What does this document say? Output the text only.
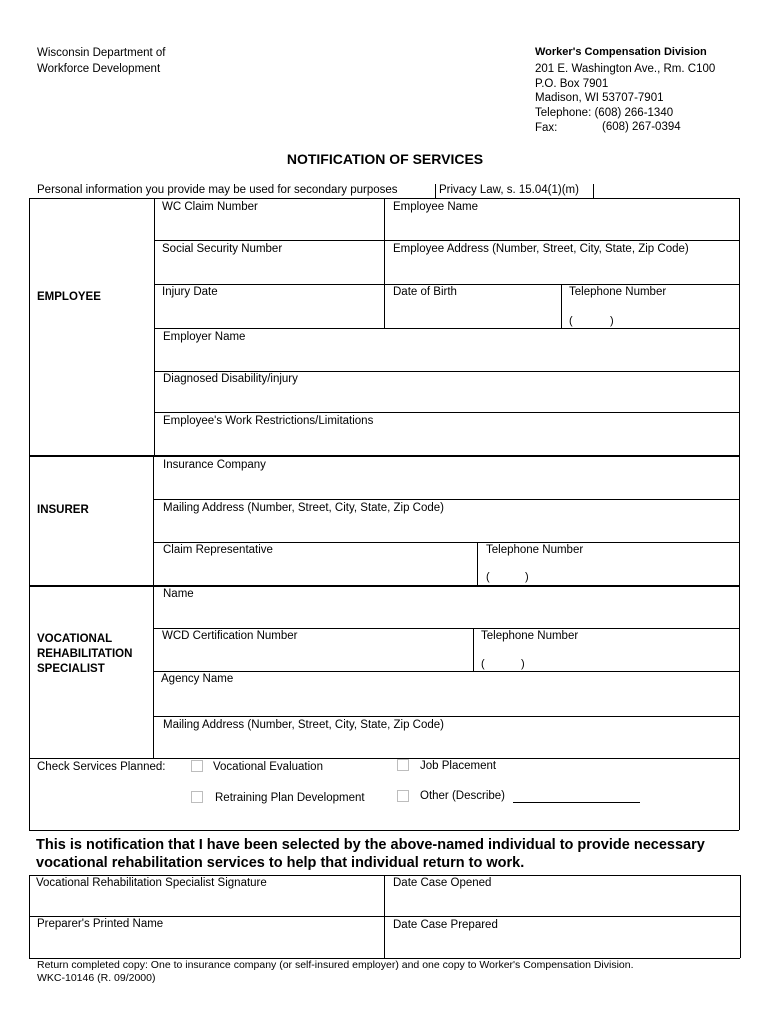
Wisconsin Department of
Workforce Development
Worker's Compensation Division
201 E. Washington Ave., Rm. C100
P.O. Box 7901
Madison, WI 53707-7901
Telephone: (608) 266-1340
Fax:	(608) 267-0394
NOTIFICATION OF SERVICES
Personal information you provide may be used for secondary purposes	Privacy Law, s. 15.04(1)(m)
EMPLOYEE
WC Claim Number	Employee Name
Social Security Number	Employee Address (Number, Street, City, State, Zip Code)
Injury Date	Date of Birth	Telephone Number
(	)
Employer Name
Diagnosed Disability/injury
Employee's Work Restrictions/Limitations
INSURER
Insurance Company
Mailing Address (Number, Street, City, State, Zip Code)
Claim Representative	Telephone Number
(	)
VOCATIONAL
REHABILITATION
SPECIALIST
Name
WCD Certification Number	Telephone Number
(	)
Agency Name
Mailing Address (Number, Street, City, State, Zip Code)
Check Services Planned:	Vocational Evaluation	Job Placement
Retraining Plan Development	Other (Describe)
This is notification that I have been selected by the above-named individual to provide necessary
vocational rehabilitation services to help that individual return to work.
Vocational Rehabilitation Specialist Signature	Date Case Opened
Preparer's Printed Name	Date Case Prepared
Return completed copy: One to insurance company (or self-insured employer) and one copy to Worker's Compensation Division.
WKC-10146 (R. 09/2000)
